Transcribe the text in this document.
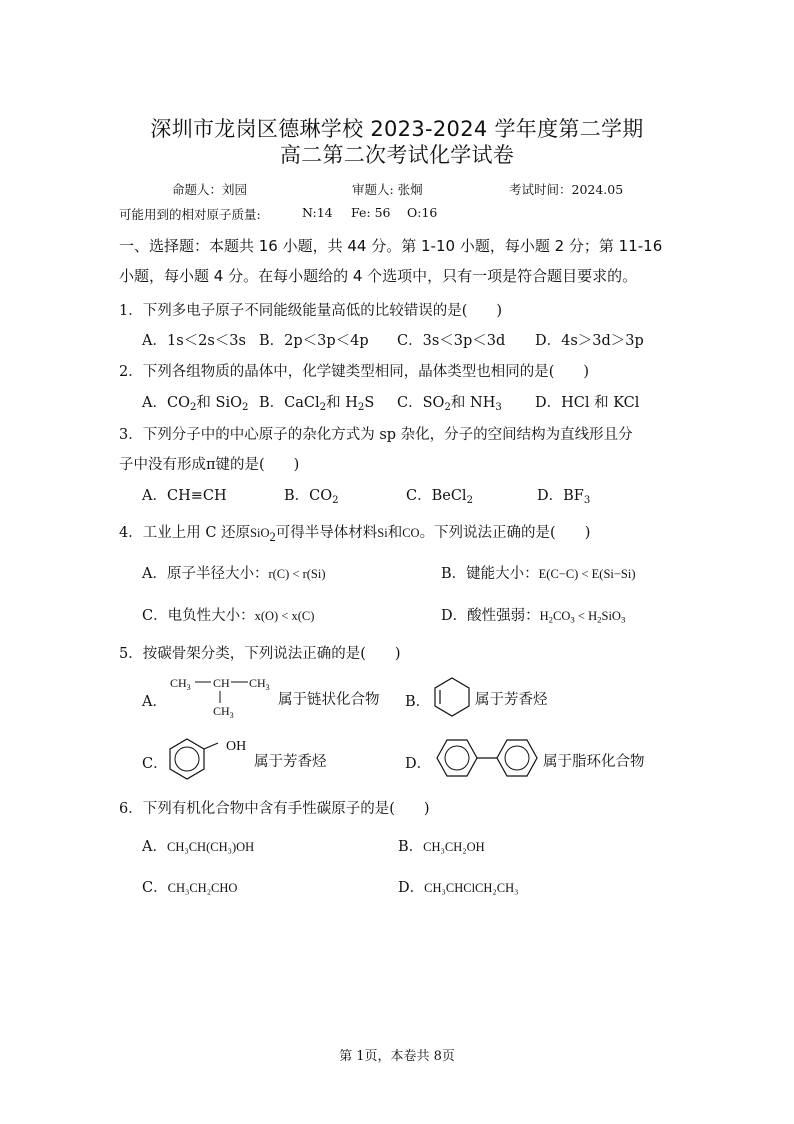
深圳市龙岗区德琳学校 2023-2024 学年度第二学期
高二第二次考试化学试卷
命题人：刘园	审题人: 张炯	考试时间：2024.05
可能用到的相对原子质量:	N:14 Fe: 56 O:16
一、选择题：本题共 16 小题，共 44 分。第 1-10 小题，每小题 2 分；第 11-16
小题，每小题 4 分。在每小题给的 4 个选项中，只有一项是符合题目要求的。
1．下列多电子原子不同能级能量高低的比较错误的是(　　)
A．1s＜2s＜3s B．2p＜3p＜4p C．3s＜3p＜3d D．4s＞3d＞3p
2．下列各组物质的晶体中，化学键类型相同，晶体类型也相同的是(　　)
A．$CO_2$和 SiO$_2$ B．CaCl$_2$和 $H_2S$ C．$SO_2$和 $NH_3$ D．HCl 和 KCl
3．下列分子中的中心原子的杂化方式为 sp 杂化，分子的空间结构为直线形且分
子中没有形成π键的是(　　)
A．CH≡CH	B．$CO_2$	C．BeCl$_2$	D．$BF_3$
4．工业上用 C 还原SiO$_2$可得半导体材料Si和CO。下列说法正确的是(　　)
A．原子半径大小：r(C) < r(Si)	B．键能大小：E(C−C) < E(Si−Si)
C．电负性大小：x(O) < x(C)	D．酸性强弱：$H_2CO_3 < H_2SiO_3$
5．按碳骨架分类，下列说法正确的是(　　)
A．
$CH_3$ CH $CH_3$
$CH_3$
属于链状化合物 B．	属于芳香烃
C．
OH
属于芳香烃	D．	属于脂环化合物
6．下列有机化合物中含有手性碳原子的是(　　)
A．CH₃CH(CH₃)OH	B．CH₃CH₂OH
C．CH₃CH₂CHO	D．CH₃CHClCH₂CH₃
第 1页，本卷共 8页
